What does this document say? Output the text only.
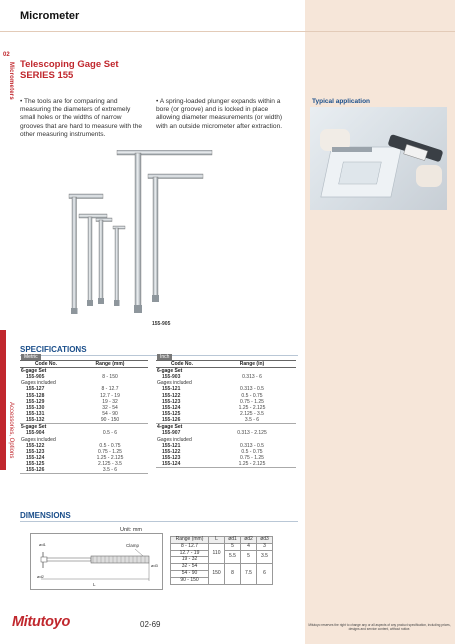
Micrometer
02
Micrometers
Accessories, Options
Telescoping Gage Set
SERIES 155
• The tools are for comparing and measuring the diameters of extremely small holes or the widths of narrow grooves that are hard to measure with the other measuring instruments.
• A spring-loaded plunger expands within a bore (or groove) and is locked in place allowing diameter measurements (or width) with an outside micrometer after extraction.
Typical application
155-905
SPECIFICATIONS
Metric	
Code No.	Range (mm)
6-gage Set	
155-905	8 - 150
Gages included	
155-127	8 - 12.7
155-128	12.7 - 19
155-129	19 - 32
155-130	32 - 54
155-131	54 - 90
155-132	90 - 150
5-gage Set	
155-904	0.5 - 6
Gages included	
155-122	0.5 - 0.75
155-123	0.75 - 1.25
155-124	1.25 - 2.125
155-125	2.125 - 3.5
155-126	3.5 - 6
Inch	
Code No.	Range (in)
6-gage Set	
155-903	0.313 - 6
Gages included	
155-121	0.313 - 0.5
155-122	0.5 - 0.75
155-123	0.75 - 1.25
155-124	1.25 - 2.125
155-125	2.125 - 3.5
155-126	3.5 - 6
4-gage Set	
155-907	0.313 - 2.125
Gages included	
155-121	0.313 - 0.5
155-122	0.5 - 0.75
155-123	0.75 - 1.25
155-124	1.25 - 2.125
DIMENSIONS
Unit: mm
Clamp
ød1
ød2
ød3
L
Range (mm)	L	ød1	ød2	ød3
8 - 12.7	110	5	4	3
12.7 - 19		5.5	5	3.5
19 - 32				
32 - 54	150	8	7.5	6
54 - 90				
90 - 150				
Mitutoyo	02-69	Mitutoyo reserves the right to change any or all aspects of any product specification, including prices, designs and service content, without notice.
